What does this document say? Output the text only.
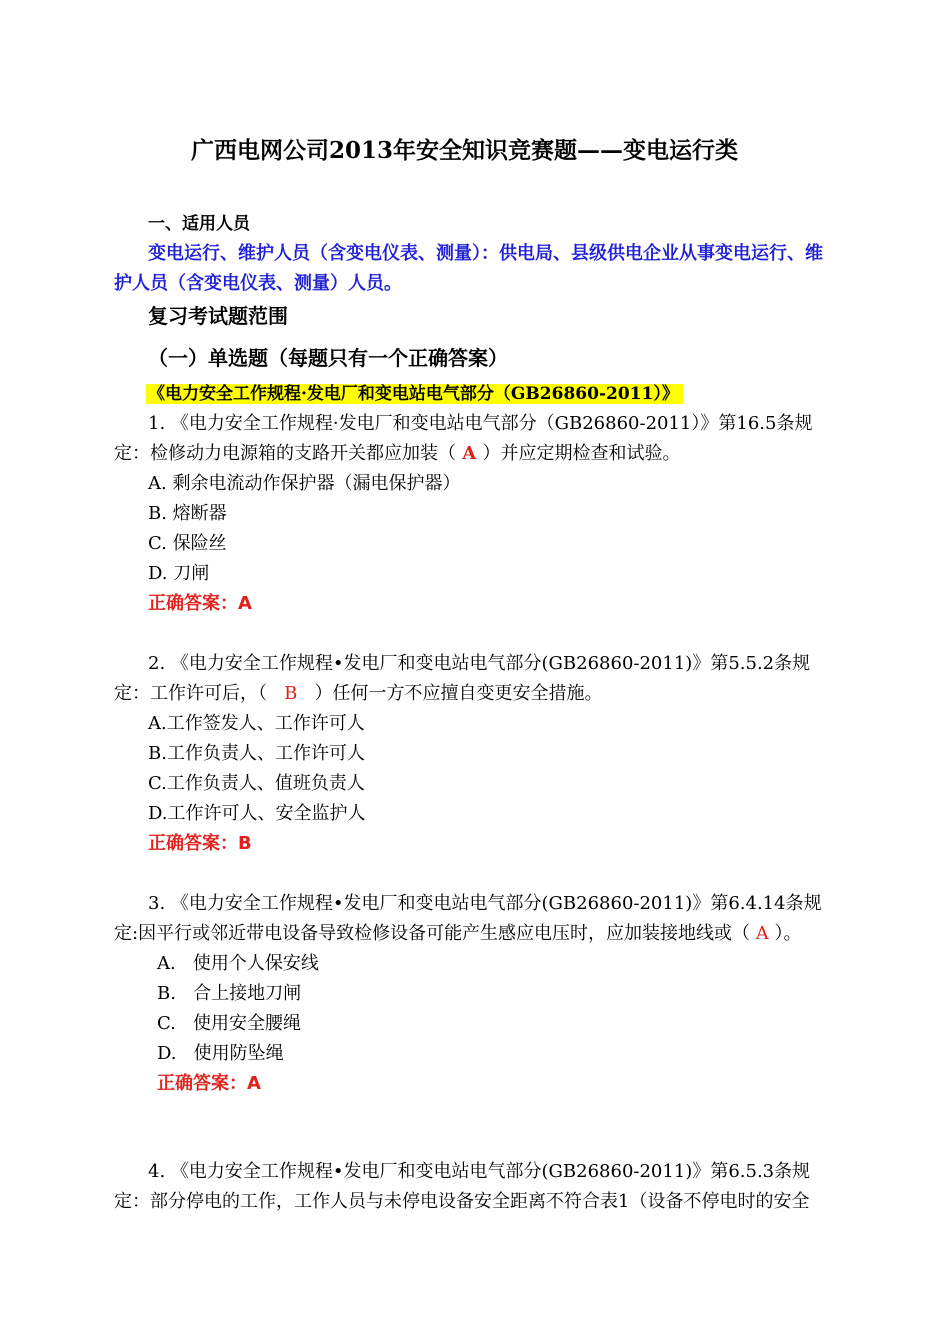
广西电网公司2013年安全知识竞赛题——变电运行类
一、适用人员
变电运行、维护人员（含变电仪表、测量）：供电局、县级供电企业从事变电运行、维
护人员（含变电仪表、测量）人员。
复习考试题范围
（一）单选题（每题只有一个正确答案）
《电力安全工作规程·发电厂和变电站电气部分（GB26860-2011）》
1. 《电力安全工作规程·发电厂和变电站电气部分（GB26860-2011）》第16.5条规
定：检修动力电源箱的支路开关都应加装（ A ）并应定期检查和试验。
A. 剩余电流动作保护器（漏电保护器）
B. 熔断器
C. 保险丝
D. 刀闸
正确答案：A
2. 《电力安全工作规程•发电厂和变电站电气部分(GB26860-2011)》第5.5.2条规
定：工作许可后，（   B   ）任何一方不应擅自变更安全措施。
A.工作签发人、工作许可人
B.工作负责人、工作许可人
C.工作负责人、值班负责人
D.工作许可人、安全监护人
正确答案：B
3. 《电力安全工作规程•发电厂和变电站电气部分(GB26860-2011)》第6.4.14条规
定:因平行或邻近带电设备导致检修设备可能产生感应电压时，应加装接地线或（ A ）。
A.   使用个人保安线
B.   合上接地刀闸
C.   使用安全腰绳
D.   使用防坠绳
正确答案：A
4. 《电力安全工作规程•发电厂和变电站电气部分(GB26860-2011)》第6.5.3条规
定：部分停电的工作，工作人员与未停电设备安全距离不符合表1（设备不停电时的安全
